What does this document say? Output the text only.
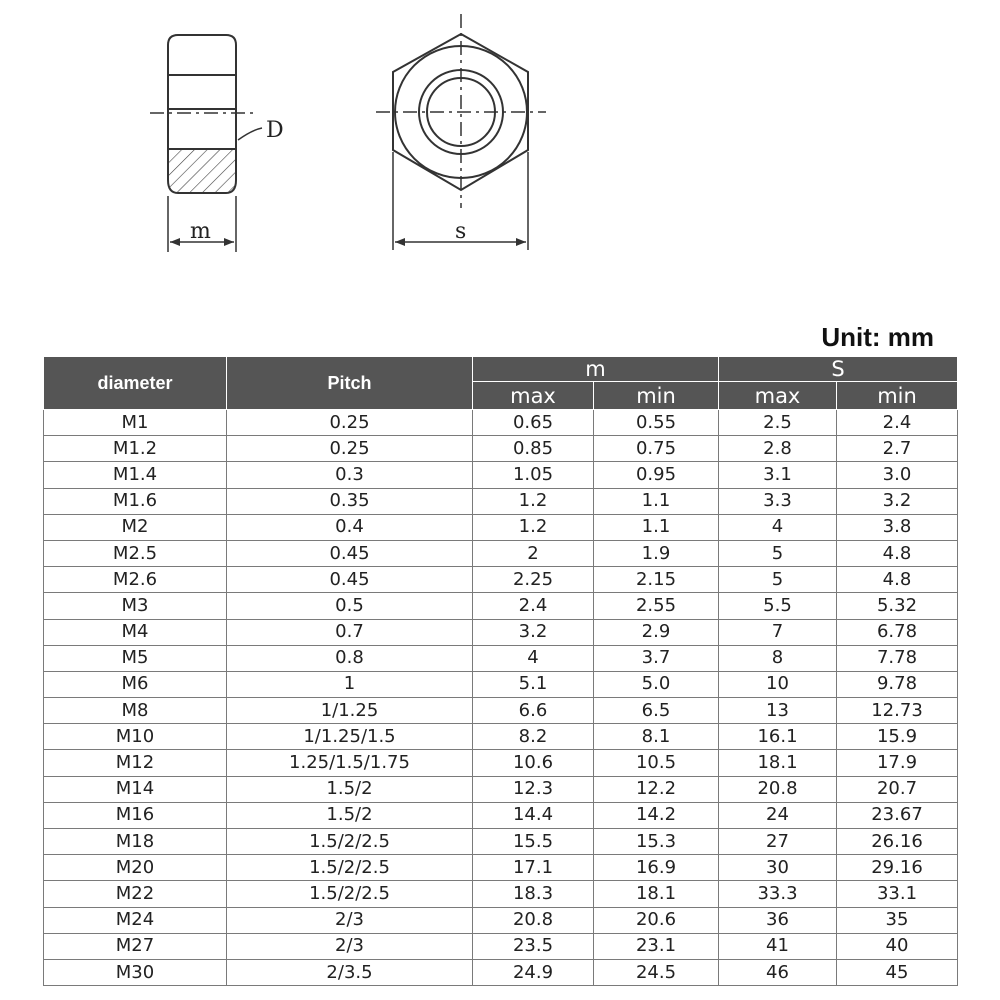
D
m	s
Unit: mm
diameter	Pitch	m		S	
		max	min	max	min
M1	0.25	0.65	0.55	2.5	2.4
M1.2	0.25	0.85	0.75	2.8	2.7
M1.4	0.3	1.05	0.95	3.1	3.0
M1.6	0.35	1.2	1.1	3.3	3.2
M2	0.4	1.2	1.1	4	3.8
M2.5	0.45	2	1.9	5	4.8
M2.6	0.45	2.25	2.15	5	4.8
M3	0.5	2.4	2.55	5.5	5.32
M4	0.7	3.2	2.9	7	6.78
M5	0.8	4	3.7	8	7.78
M6	1	5.1	5.0	10	9.78
M8	1/1.25	6.6	6.5	13	12.73
M10	1/1.25/1.5	8.2	8.1	16.1	15.9
M12	1.25/1.5/1.75	10.6	10.5	18.1	17.9
M14	1.5/2	12.3	12.2	20.8	20.7
M16	1.5/2	14.4	14.2	24	23.67
M18	1.5/2/2.5	15.5	15.3	27	26.16
M20	1.5/2/2.5	17.1	16.9	30	29.16
M22	1.5/2/2.5	18.3	18.1	33.3	33.1
M24	2/3	20.8	20.6	36	35
M27	2/3	23.5	23.1	41	40
M30	2/3.5	24.9	24.5	46	45
